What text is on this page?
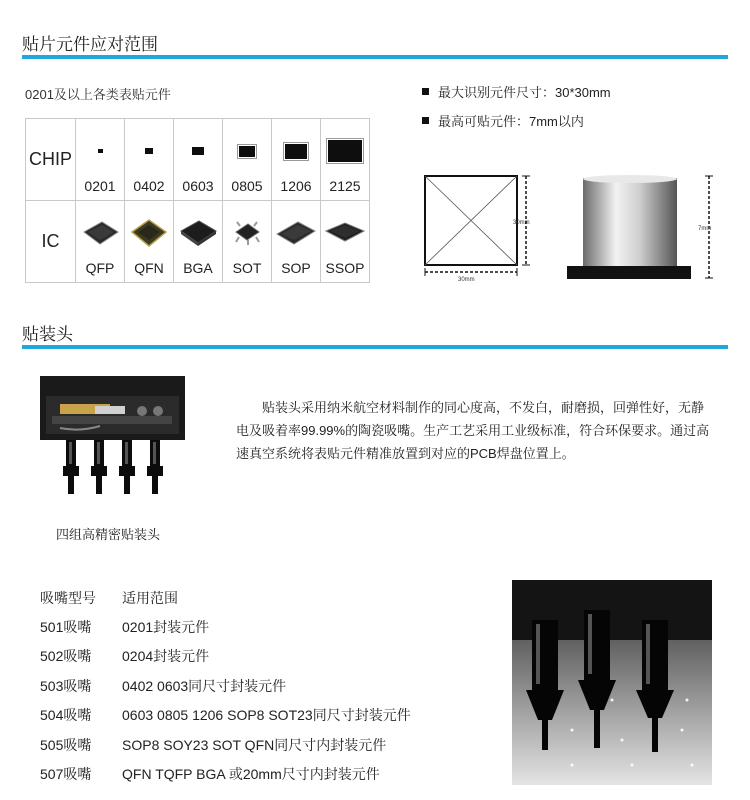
贴片元件应对范围
0201及以上各类表贴元件
CHIP	0201	0402	0603	0805	1206	2125

IC	QFP	QFN	BGA	SOT	SOP	SSOP
最大识别元件尺寸：30*30mm
最高可贴元件：7mm以内
30mm
30mm
7mm
贴装头
四组高精密贴装头

贴装头采用纳米航空材料制作的同心度高，不发白，耐磨损，回弹性好，无静电及吸着率99.99%的陶瓷吸嘴。生产工艺采用工业级标准，符合环保要求。通过高速真空系统将表贴元件精准放置到对应的PCB焊盘位置上。

吸嘴型号	适用范围
501吸嘴	0201封装元件
502吸嘴	0204封装元件
503吸嘴	0402 0603同尺寸封装元件
504吸嘴	0603 0805 1206 SOP8 SOT23同尺寸封装元件
505吸嘴	SOP8 SOY23 SOT QFN同尺寸内封装元件
507吸嘴	QFN TQFP BGA 或20mm尺寸内封装元件
